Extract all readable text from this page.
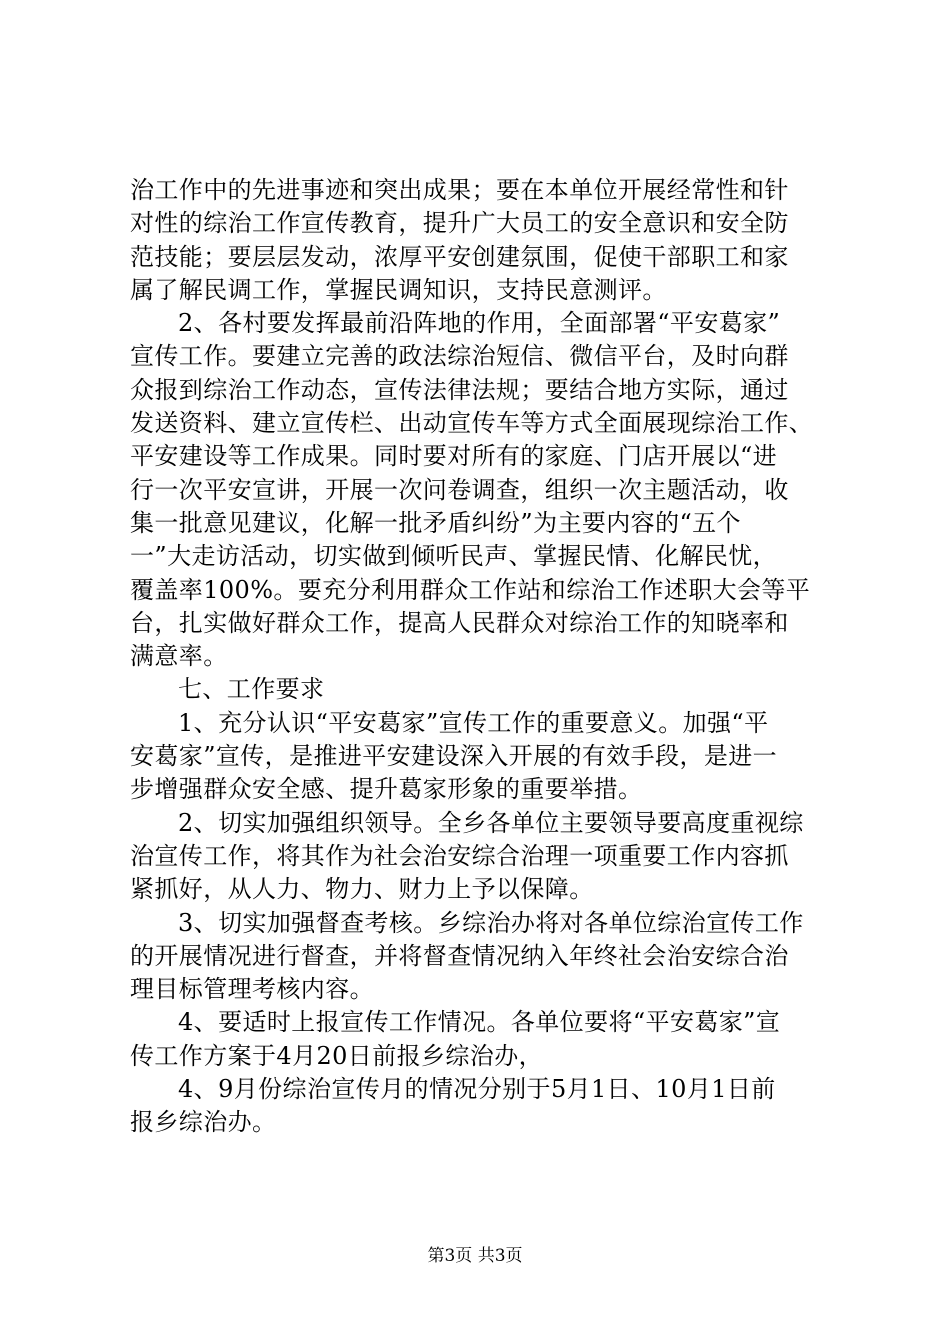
治工作中的先进事迹和突出成果；要在本单位开展经常性和针
对性的综治工作宣传教育，提升广大员工的安全意识和安全防
范技能；要层层发动，浓厚平安创建氛围，促使干部职工和家
属了解民调工作，掌握民调知识，支持民意测评。
2、各村要发挥最前沿阵地的作用，全面部署“平安葛家”
宣传工作。要建立完善的政法综治短信、微信平台，及时向群
众报到综治工作动态，宣传法律法规；要结合地方实际，通过
发送资料、建立宣传栏、出动宣传车等方式全面展现综治工作、
平安建设等工作成果。同时要对所有的家庭、门店开展以“进
行一次平安宣讲，开展一次问卷调查，组织一次主题活动，收
集一批意见建议，化解一批矛盾纠纷”为主要内容的“五个
一”大走访活动，切实做到倾听民声、掌握民情、化解民忧，
覆盖率100%。要充分利用群众工作站和综治工作述职大会等平
台，扎实做好群众工作，提高人民群众对综治工作的知晓率和
满意率。
七、工作要求
1、充分认识“平安葛家”宣传工作的重要意义。加强“平
安葛家”宣传，是推进平安建设深入开展的有效手段，是进一
步增强群众安全感、提升葛家形象的重要举措。
2、切实加强组织领导。全乡各单位主要领导要高度重视综
治宣传工作，将其作为社会治安综合治理一项重要工作内容抓
紧抓好，从人力、物力、财力上予以保障。
3、切实加强督查考核。乡综治办将对各单位综治宣传工作
的开展情况进行督查，并将督查情况纳入年终社会治安综合治
理目标管理考核内容。
4、要适时上报宣传工作情况。各单位要将“平安葛家”宣
传工作方案于4月20日前报乡综治办，
4、9月份综治宣传月的情况分别于5月1日、10月1日前
报乡综治办。
第3页 共3页
